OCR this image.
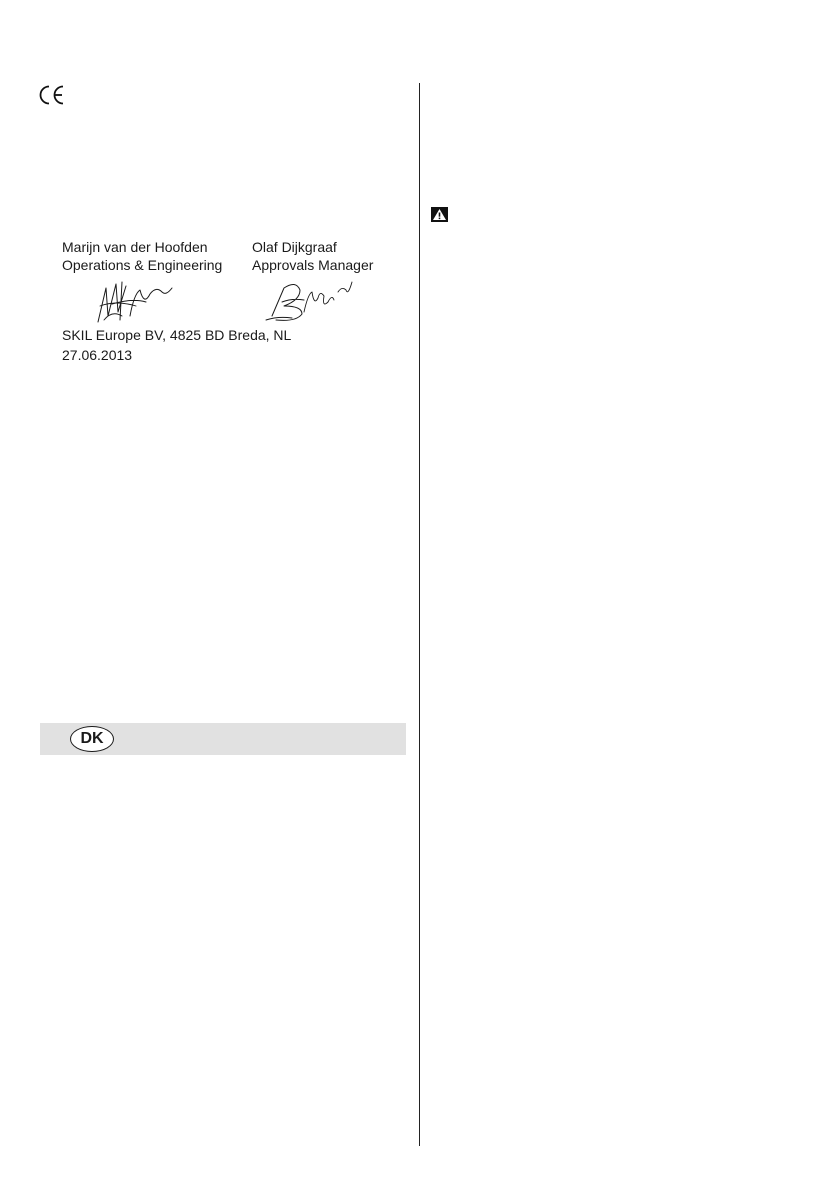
Marijn van der Hoofden
Operations & Engineering
Olaf Dijkgraaf
Approvals Manager
SKIL Europe BV, 4825 BD Breda, NL
27.06.2013
DK
